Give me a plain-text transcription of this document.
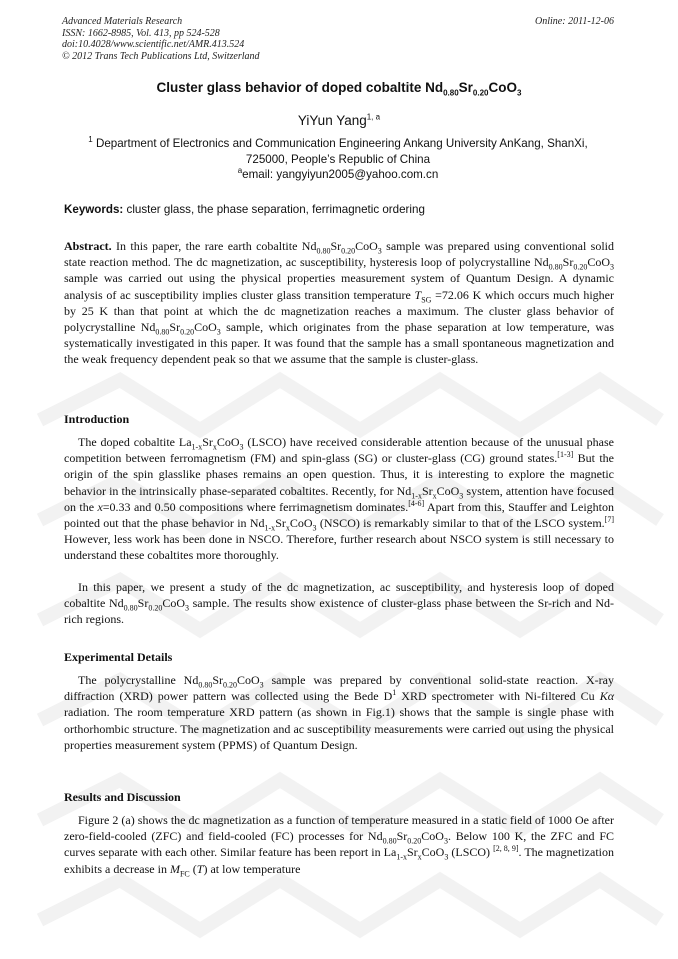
Advanced Materials Research
ISSN: 1662-8985, Vol. 413, pp 524-528
doi:10.4028/www.scientific.net/AMR.413.524
© 2012 Trans Tech Publications Ltd, Switzerland
Online: 2011-12-06
Cluster glass behavior of doped cobaltite $Nd_{0.80}Sr_{0.20}CoO_3$
YiYun Yang$^{1, a}$
$^1$ Department of Electronics and Communication Engineering Ankang University AnKang, ShanXi,
725000, People’s Republic of China
$^a$email: yangyiyun2005@yahoo.com.cn
Keywords: cluster glass, the phase separation, ferrimagnetic ordering

Abstract. In this paper, the rare earth cobaltite $Nd_{0.80}Sr_{0.20}CoO_3$ sample was prepared using conventional solid state reaction method. The dc magnetization, ac susceptibility, hysteresis loop of polycrystalline $Nd_{0.80}Sr_{0.20}CoO_3$ sample was carried out using the physical properties measurement system of Quantum Design. A dynamic analysis of ac susceptibility implies cluster glass transition temperature $T_{SG} =72.06$ K which occurs much higher by 25 K than that point at which the dc magnetization reaches a maximum. The cluster glass behavior of polycrystalline $Nd_{0.80}Sr_{0.20}CoO_3$ sample, which originates from the phase separation at low temperature, was systematically investigated in this paper. It was found that the sample has a small spontaneous magnetization and the weak frequency dependent peak so that we assume that the sample is cluster-glass.

Introduction

The doped cobaltite $La_{1-x}Sr_xCoO_3$ (LSCO) have received considerable attention because of the unusual phase competition between ferromagnetism (FM) and spin-glass (SG) or cluster-glass (CG) ground states.[1-3] But the origin of the spin glasslike phases remains an open question. Thus, it is interesting to explore the magnetic behavior in the intrinsically phase-separated cobaltites. Recently, for $Nd_{1-x}Sr_xCoO_3$ system, attention have focused on the x=0.33 and 0.50 compositions where ferrimagnetism dominates.[4-6] Apart from this, Stauffer and Leighton pointed out that the phase behavior in $Nd_{1-x}Sr_xCoO_3$ (NSCO) is remarkably similar to that of the LSCO system.[7] However, less work has been done in NSCO. Therefore, further research about NSCO system is still necessary to understand these cobaltites more thoroughly.

In this paper, we present a study of the dc magnetization, ac susceptibility, and hysteresis loop of doped cobaltite $Nd_{0.80}Sr_{0.20}CoO_3$ sample. The results show existence of cluster-glass phase between the Sr-rich and Nd-rich regions.

Experimental Details

The polycrystalline $Nd_{0.80}Sr_{0.20}CoO_3$ sample was prepared by conventional solid-state reaction. X-ray diffraction (XRD) power pattern was collected using the Bede $D^1$ XRD spectrometer with Ni-filtered Cu Kα radiation. The room temperature XRD pattern (as shown in Fig.1) shows that the sample is single phase with orthorhombic structure. The magnetization and ac susceptibility measurements were carried out using the physical properties measurement system (PPMS) of Quantum Design.

Results and Discussion

Figure 2 (a) shows the dc magnetization as a function of temperature measured in a static field of 1000 Oe after zero-field-cooled (ZFC) and field-cooled (FC) processes for $Nd_{0.80}Sr_{0.20}CoO_3$. Below 100 K, the ZFC and FC curves separate with each other. Similar feature has been report in $La_{1-x}Sr_xCoO_3$ (LSCO) [2, 8, 9]. The magnetization exhibits a decrease in $M_{FC}$ (T) at low temperature
